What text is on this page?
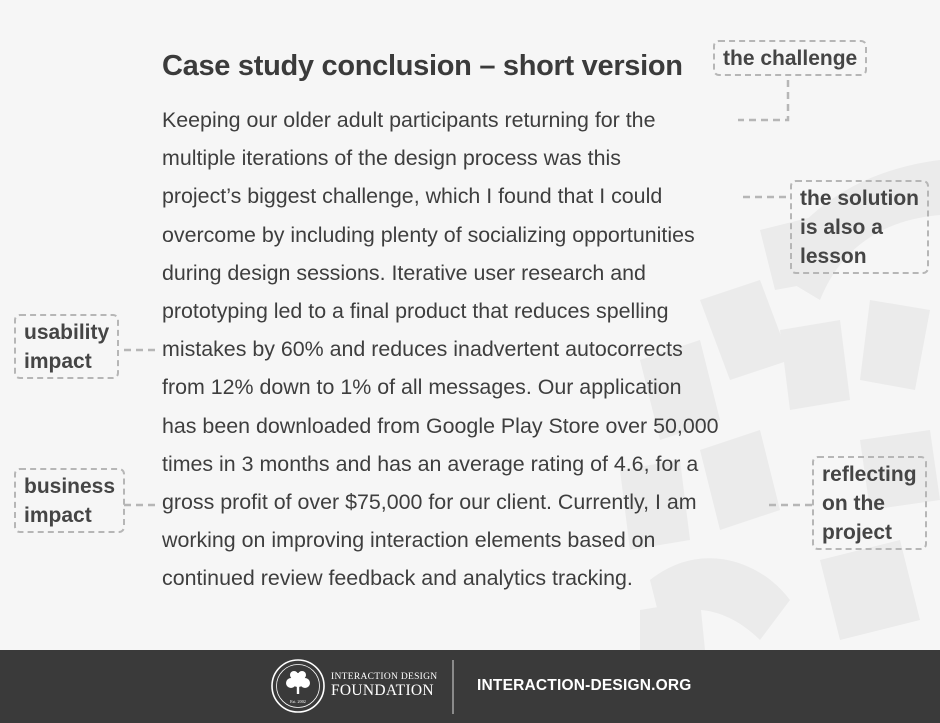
Case study conclusion – short version
Keeping our older adult participants returning for the
multiple iterations of the design process was this
project’s biggest challenge, which I found that I could
overcome by including plenty of socializing opportunities
during design sessions. Iterative user research and
prototyping led to a final product that reduces spelling
mistakes by 60% and reduces inadvertent autocorrects
from 12% down to 1% of all messages. Our application
has been downloaded from Google Play Store over 50,000
times in 3 months and has an average rating of 4.6, for a
gross profit of over $75,000 for our client. Currently, I am
working on improving interaction elements based on
continued review feedback and analytics tracking.
the challenge
the solution
is also a
lesson
usability
impact
business
impact
reflecting
on the
project
Est. 2002
INTERACTION DESIGN
FOUNDATION	INTERACTION-DESIGN.ORG
